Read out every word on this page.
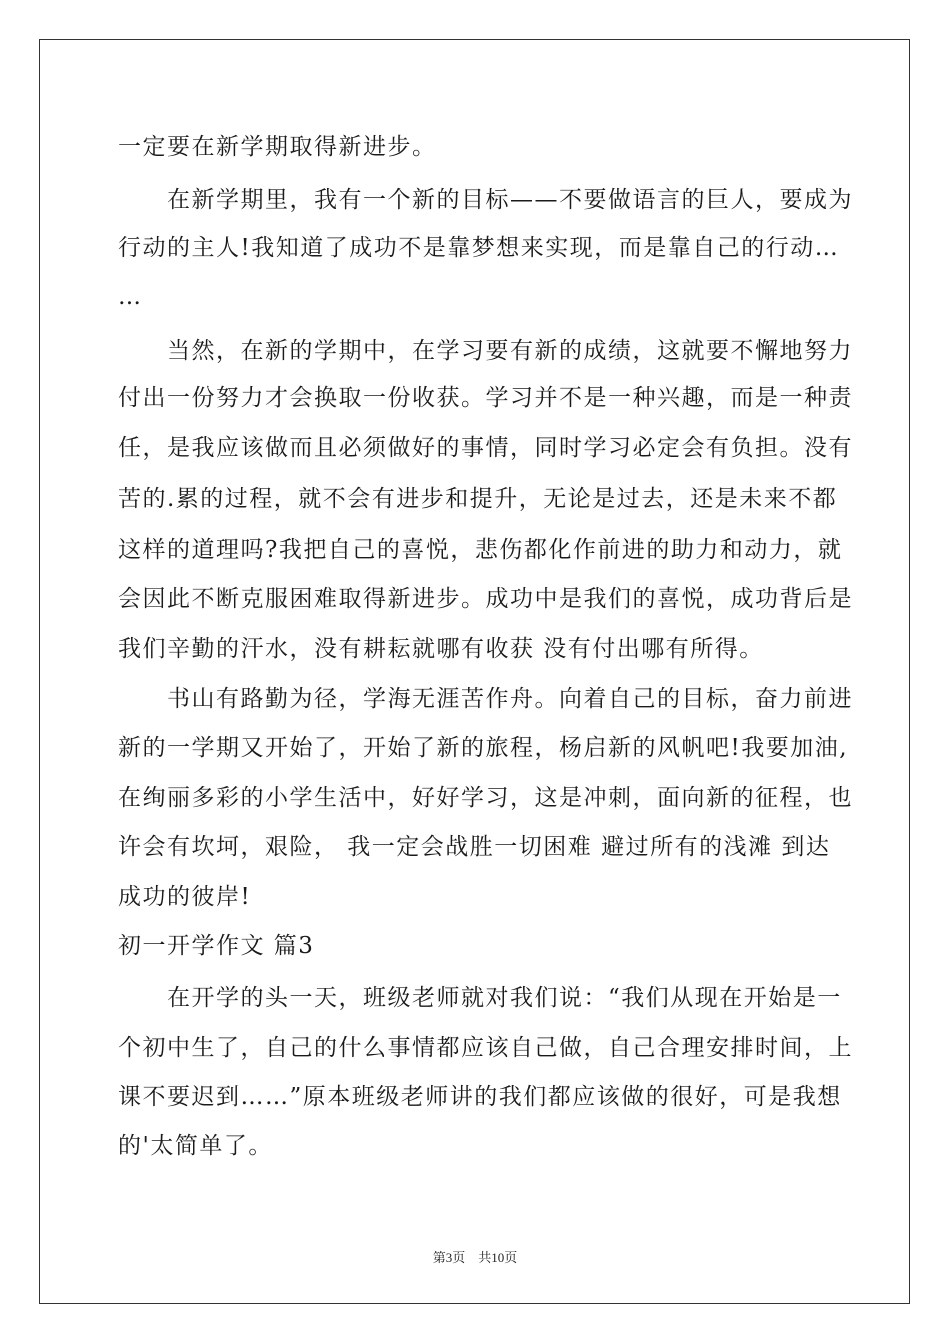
一定要在新学期取得新进步。
　　在新学期里，我有一个新的目标——不要做语言的巨人，要成为
行动的主人!我知道了成功不是靠梦想来实现，而是靠自己的行动…
…
　　当然，在新的学期中，在学习要有新的成绩，这就要不懈地努力
付出一份努力才会换取一份收获。学习并不是一种兴趣，而是一种责
任，是我应该做而且必须做好的事情，同时学习必定会有负担。没有
苦的.累的过程，就不会有进步和提升，无论是过去，还是未来不都
这样的道理吗?我把自己的喜悦，悲伤都化作前进的助力和动力，就
会因此不断克服困难取得新进步。成功中是我们的喜悦，成功背后是
我们辛勤的汗水，没有耕耘就哪有收获 没有付出哪有所得。
　　书山有路勤为径，学海无涯苦作舟。向着自己的目标，奋力前进
新的一学期又开始了，开始了新的旅程，杨启新的风帆吧!我要加油,
在绚丽多彩的小学生活中，好好学习，这是冲刺，面向新的征程，也
许会有坎坷，艰险， 我一定会战胜一切困难 避过所有的浅滩 到达
成功的彼岸!
初一开学作文 篇3
　　在开学的头一天，班级老师就对我们说：“我们从现在开始是一
个初中生了，自己的什么事情都应该自己做，自己合理安排时间，上
课不要迟到……”原本班级老师讲的我们都应该做的很好，可是我想
的'太简单了。
第3页　共10页
